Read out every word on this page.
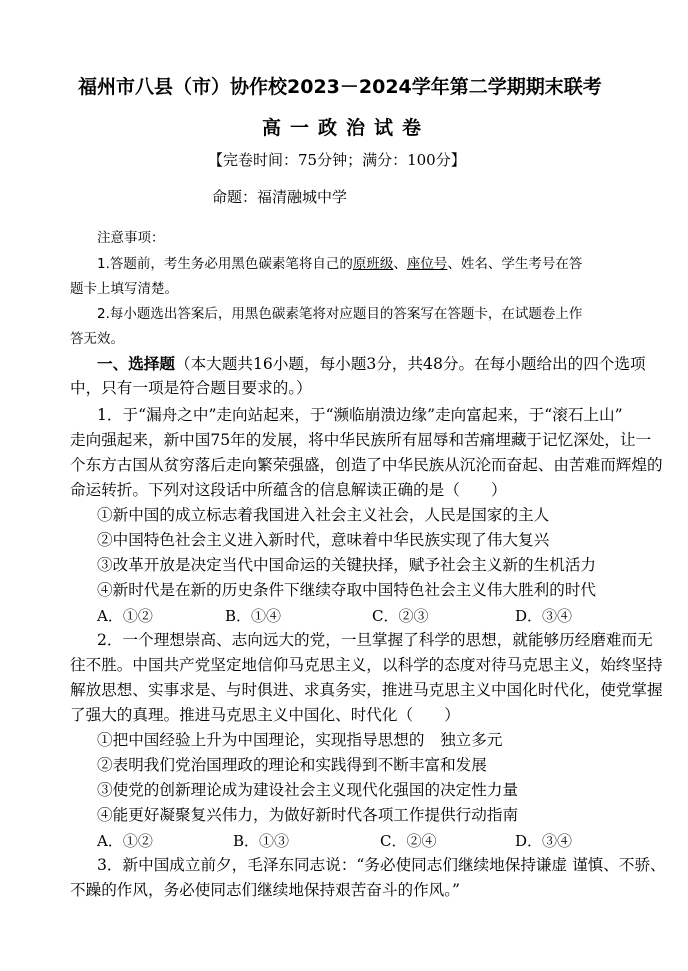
福州市八县（市）协作校2023－2024学年第二学期期末联考
高一政治试卷
【完卷时间：75分钟；满分：100分】
命题：福清融城中学
注意事项：
1.答题前，考生务必用黑色碳素笔将自己的原班级、座位号、姓名、学生考号在答
题卡上填写清楚。
2.每小题选出答案后，用黑色碳素笔将对应题目的答案写在答题卡，在试题卷上作
答无效。
一、选择题（本大题共16小题，每小题3分，共48分。在每小题给出的四个选项
中，只有一项是符合题目要求的。）
1．于“漏舟之中”走向站起来，于“濒临崩溃边缘”走向富起来，于“滚石上山”
走向强起来，新中国75年的发展，将中华民族所有屈辱和苦痛埋藏于记忆深处，让一
个东方古国从贫穷落后走向繁荣强盛，创造了中华民族从沉沦而奋起、由苦难而辉煌的
命运转折。下列对这段话中所蕴含的信息解读正确的是（　　）
①新中国的成立标志着我国进入社会主义社会，人民是国家的主人
②中国特色社会主义进入新时代，意味着中华民族实现了伟大复兴
③改革开放是决定当代中国命运的关键抉择，赋予社会主义新的生机活力
④新时代是在新的历史条件下继续夺取中国特色社会主义伟大胜利的时代
A．①②	B．①④	C．②③	D．③④
2．一个理想崇高、志向远大的党，一旦掌握了科学的思想，就能够历经磨难而无
往不胜。中国共产党坚定地信仰马克思主义，以科学的态度对待马克思主义，始终坚持
解放思想、实事求是、与时俱进、求真务实，推进马克思主义中国化时代化，使党掌握
了强大的真理。推进马克思主义中国化、时代化（　　）
①把中国经验上升为中国理论，实现指导思想的　独立多元
②表明我们党治国理政的理论和实践得到不断丰富和发展
③使党的创新理论成为建设社会主义现代化强国的决定性力量
④能更好凝聚复兴伟力，为做好新时代各项工作提供行动指南
A．①②	B．①③	C．②④	D．③④
3．新中国成立前夕，毛泽东同志说：“务必使同志们继续地保持谦虚 谨慎、不骄、
不躁的作风，务必使同志们继续地保持艰苦奋斗的作风。”
